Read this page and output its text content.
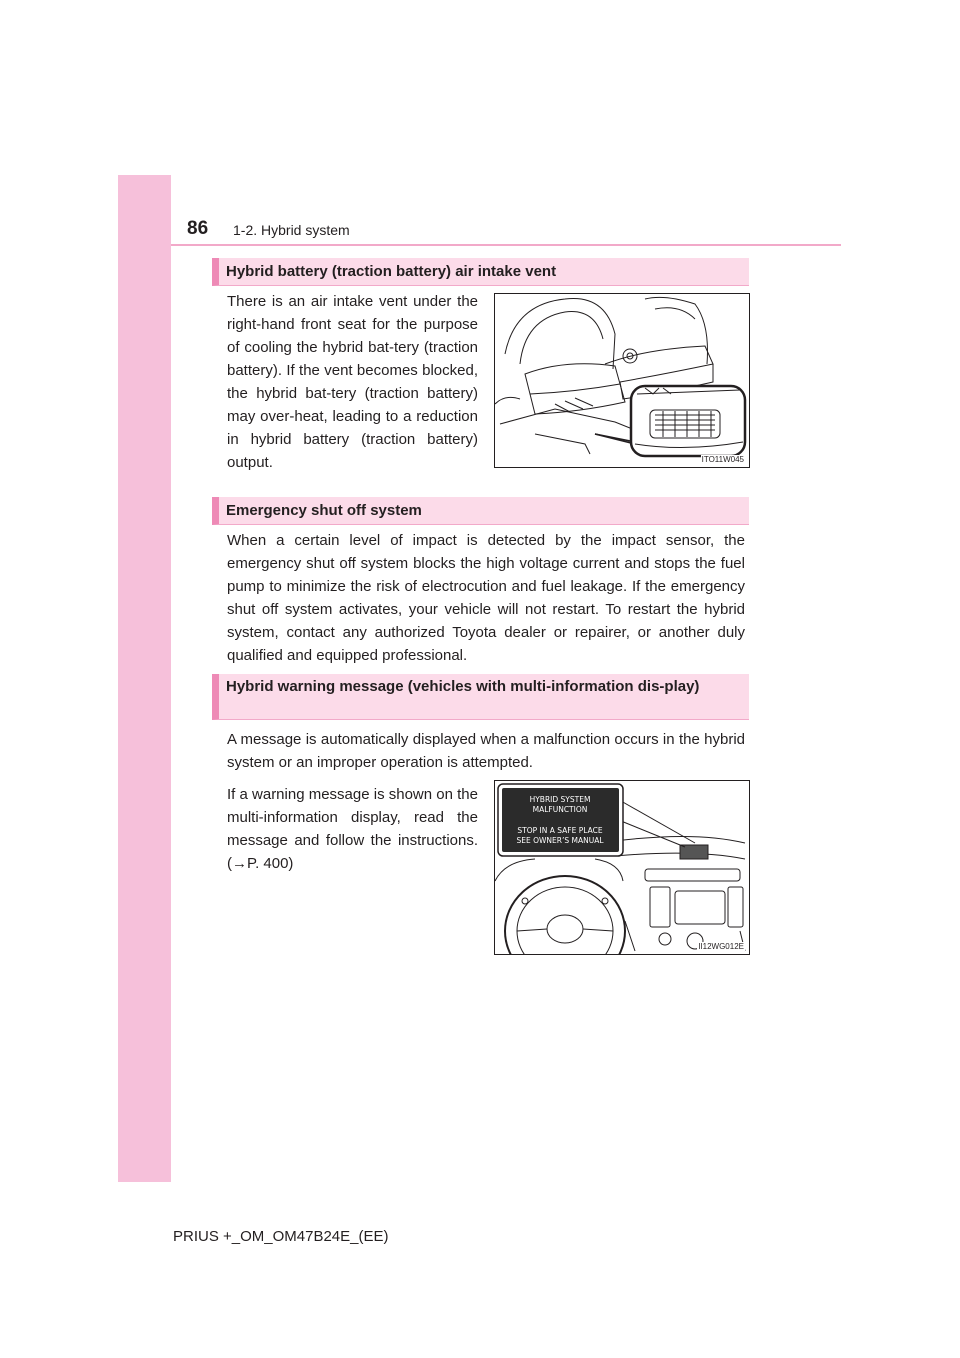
86 1-2. Hybrid system
Hybrid battery (traction battery) air intake vent

There is an air intake vent under the right-hand front seat for the purpose of cooling the hybrid bat-tery (traction battery). If the vent becomes blocked, the hybrid bat-tery (traction battery) may over-heat, leading to a reduction in hybrid battery (traction battery) output.	ITO11W045
Emergency shut off system

When a certain level of impact is detected by the impact sensor, the emergency shut off system blocks the high voltage current and stops the fuel pump to minimize the risk of electrocution and fuel leakage. If the emergency shut off system activates, your vehicle will not restart. To restart the hybrid system, contact any authorized Toyota dealer or repairer, or another duly qualified and equipped professional.

Hybrid warning message (vehicles with multi-information dis-play)

A message is automatically displayed when a malfunction occurs in the hybrid system or an improper operation is attempted.

If a warning message is shown on the multi-information display, read the message and follow the instructions. (→P. 400)

HYBRID SYSTEM
MALFUNCTION
STOP IN A SAFE PLACE
SEE OWNER’S MANUAL
II12WG012E
PRIUS +_OM_OM47B24E_(EE)
